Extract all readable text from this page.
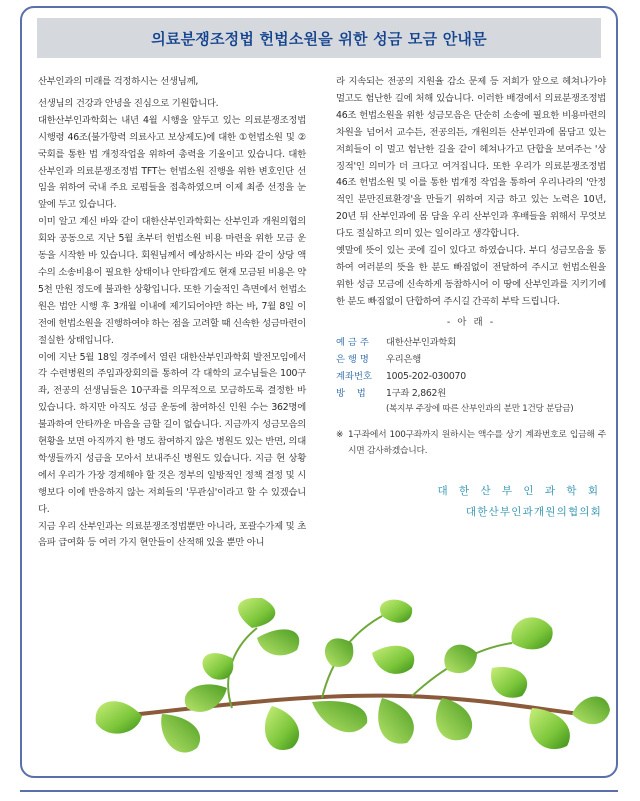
의료분쟁조정법 헌법소원을 위한 성금 모금 안내문

산부인과의 미래를 걱정하시는 선생님께,

선생님의 건강과 안녕을 진심으로 기원합니다.

대한산부인과학회는 내년 4월 시행을 앞두고 있는 의료분쟁조정법 시행령 46조(불가항력 의료사고 보상제도)에 대한 ①헌법소원 및 ②국회를 통한 법 개정작업을 위하여 총력을 기울이고 있습니다. 대한산부인과 의료분쟁조정법 TFT는 헌법소원 진행을 위한 변호인단 선임을 위하여 국내 주요 로펌들을 접촉하였으며 이제 최종 선정을 눈앞에 두고 있습니다.

이미 알고 계신 바와 같이 대한산부인과학회는 산부인과 개원의협의회와 공동으로 지난 5월 초부터 헌법소원 비용 마련을 위한 모금 운동을 시작한 바 있습니다. 회원님께서 예상하시는 바와 같이 상당 액수의 소송비용이 필요한 상태이나 안타깝게도 현재 모금된 비용은 약 5천 만원 정도에 불과한 상황입니다. 또한 기술적인 측면에서 헌법소원은 법안 시행 후 3개월 이내에 제기되어야만 하는 바, 7월 8일 이전에 헌법소원을 진행하여야 하는 점을 고려할 때 신속한 성금마련이 절실한 상태입니다.

이에 지난 5월 18일 경주에서 열린 대한산부인과학회 발전모임에서 각 수련병원의 주임과장회의를 통하여 각 대학의 교수님들은 100구좌, 전공의 선생님들은 10구좌를 의무적으로 모금하도록 결정한 바 있습니다. 하지만 아직도 성금 운동에 참여하신 인원 수는 362명에 불과하여 안타까운 마음을 금할 길이 없습니다. 지금까지 성금모음의 현황을 보면 아직까지 한 명도 참여하지 않은 병원도 있는 반면, 의대 학생들까지 성금을 모아서 보내주신 병원도 있습니다. 지금 현 상황에서 우리가 가장 경계해야 할 것은 정부의 일방적인 정책 결정 및 시행보다 이에 반응하지 않는 저희들의 '무관심'이라고 할 수 있겠습니다.

지금 우리 산부인과는 의료분쟁조정법뿐만 아니라, 포괄수가제 및 초음파 급여화 등 여러 가지 현안들이 산적해 있을 뿐만 아니

라 지속되는 전공의 지원율 감소 문제 등 저희가 앞으로 헤쳐나가야 멀고도 험난한 길에 처해 있습니다. 이러한 배경에서 의료분쟁조정법 46조 헌법소원을 위한 성금모음은 단순히 소송에 필요한 비용마련의 차원을 넘어서 교수든, 전공의든, 개원의든 산부인과에 몸담고 있는 저희들이 이 멀고 험난한 길을 같이 헤쳐나가고 단합을 보여주는 '상징적'인 의미가 더 크다고 여겨집니다. 또한 우리가 의료분쟁조정법 46조 헌법소원 및 이를 통한 법개정 작업을 통하여 우리나라의 '안정적인 분만진료환경'을 만들기 위하여 지금 하고 있는 노력은 10년, 20년 뒤 산부인과에 몸 담을 우리 산부인과 후배들을 위해서 무엇보다도 절실하고 의미 있는 일이라고 생각합니다.

옛말에 뜻이 있는 곳에 길이 있다고 하였습니다. 부디 성금모음을 통하여 여러분의 뜻을 한 분도 빠짐없이 전달하여 주시고 헌법소원을 위한 성금 모금에 신속하게 동참하시어 이 땅에 산부인과를 지키기에 한 분도 빠짐없이 단합하여 주시길 간곡히 부탁 드립니다.

- 아 래 -
예 금 주	대한산부인과학회
은 행 명	우리은행
계좌번호	1005-202-030070
방    법	1구좌 2,862원
(복지부 주장에 따른 산부인과의 분만 1건당 분담금)
※ 1구좌에서 100구좌까지 원하시는 액수를 상기 계좌번호로 입금해 주시면 감사하겠습니다.
대 한 산 부 인 과 학 회
대한산부인과개원의협의회
